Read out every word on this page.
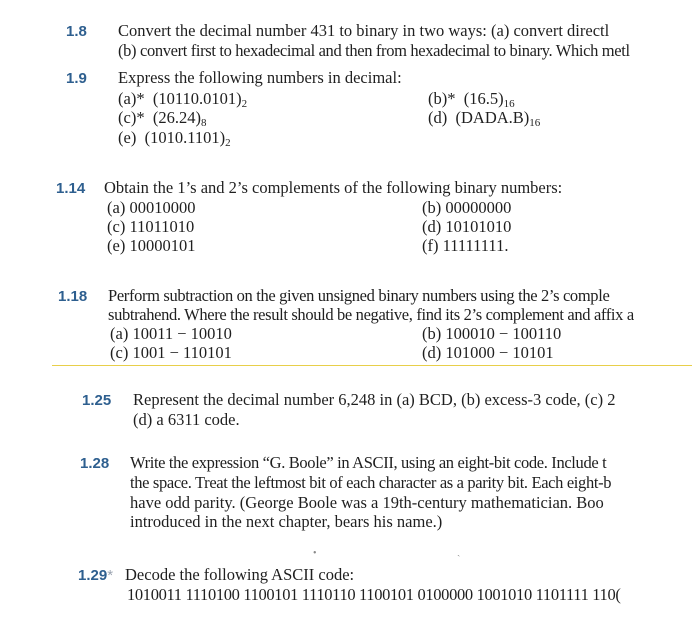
1.8 Convert the decimal number 431 to binary in two ways: (a) convert directl
(b) convert first to hexadecimal and then from hexadecimal to binary. Which metl
1.9 Express the following numbers in decimal:
(a)* $(10110.0101)_2$	(b)* $(16.5)_{16}$
(c)* $(26.24)_8$	(d) $(DADA.B)_{16}$
(e) $(1010.1101)_2$
1.14 Obtain the 1’s and 2’s complements of the following binary numbers:
(a) 00010000	(b) 00000000
(c) 11011010	(d) 10101010
(e) 10000101	(f) 11111111.
1.18 Perform subtraction on the given unsigned binary numbers using the 2’s comple
subtrahend. Where the result should be negative, find its 2’s complement and affix a
(a) 10011 − 10010	(b) 100010 − 100110
(c) 1001 − 110101	(d) 101000 − 10101
1.25 Represent the decimal number 6,248 in (a) BCD, (b) excess-3 code, (c) 2
(d) a 6311 code.
1.28 Write the expression “G. Boole” in ASCII, using an eight-bit code. Include t
the space. Treat the leftmost bit of each character as a parity bit. Each eight-b
have odd parity. (George Boole was a 19th-century mathematician. Boo
introduced in the next chapter, bears his name.)
•	ˏ
1.29* Decode the following ASCII code:
1010011 1110100 1100101 1110110 1100101 0100000 1001010 1101111 110(
